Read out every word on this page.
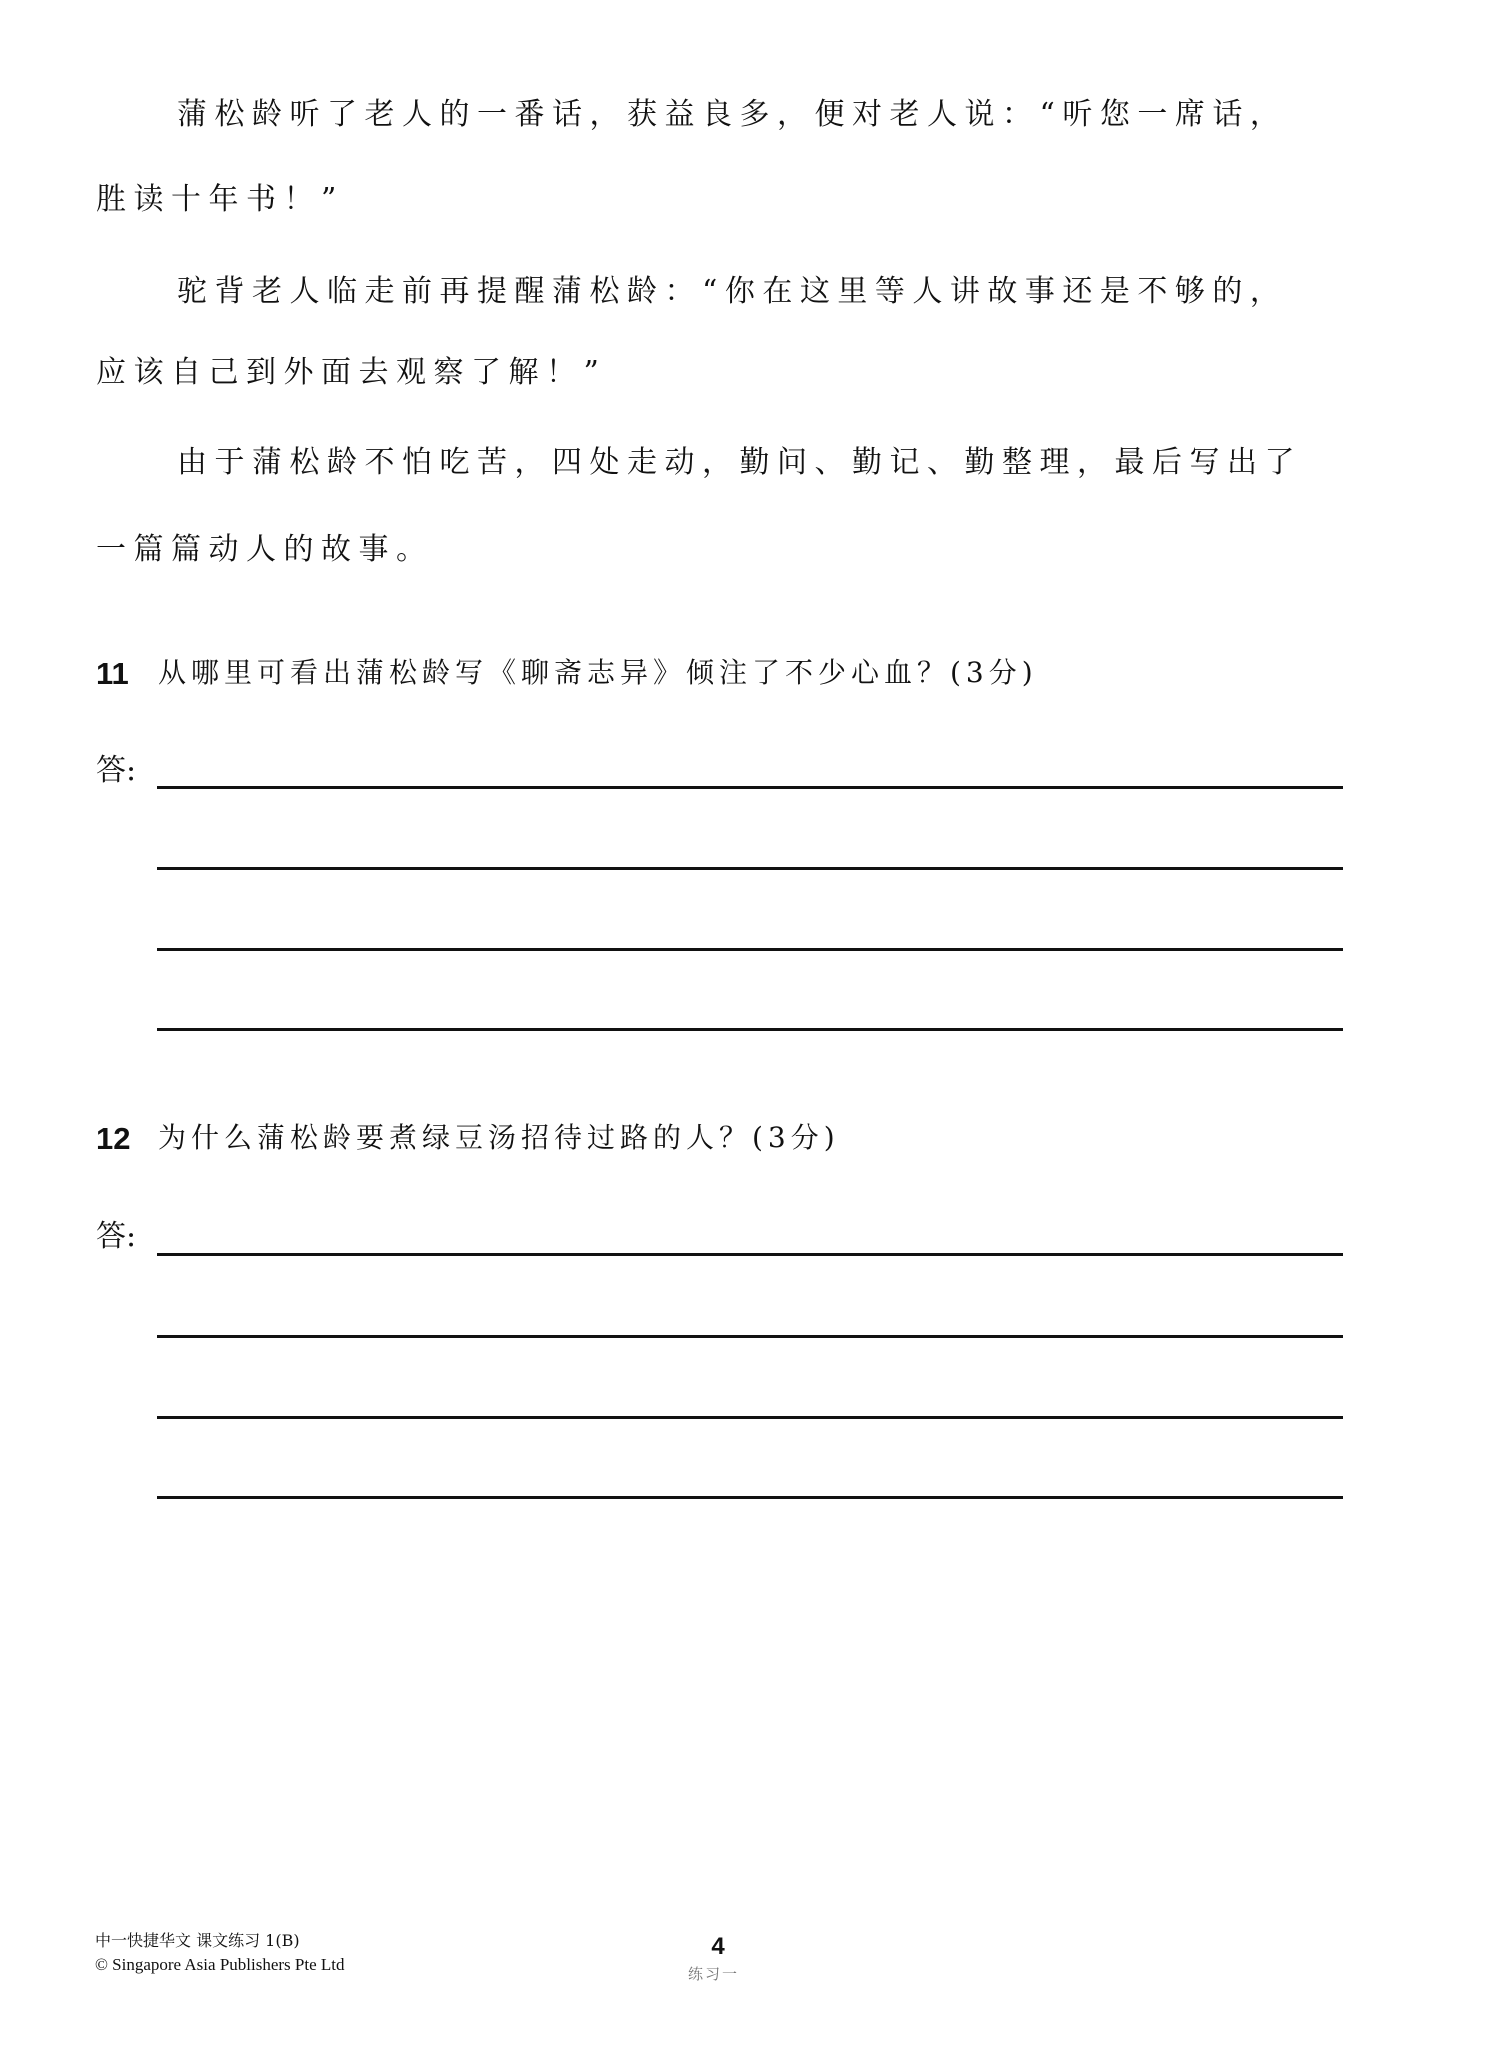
蒲松龄听了老人的一番话，获益良多，便对老人说：“听您一席话，
胜读十年书！”
驼背老人临走前再提醒蒲松龄：“你在这里等人讲故事还是不够的，
应该自己到外面去观察了解！”
由于蒲松龄不怕吃苦，四处走动，勤问、勤记、勤整理，最后写出了
一篇篇动人的故事。
11 从哪里可看出蒲松龄写《聊斋志异》倾注了不少心血？(3分)
答:
12 为什么蒲松龄要煮绿豆汤招待过路的人？(3分)
答:
中一快捷华文 课文练习 1(B)
© Singapore Asia Publishers Pte Ltd
4
练习一
